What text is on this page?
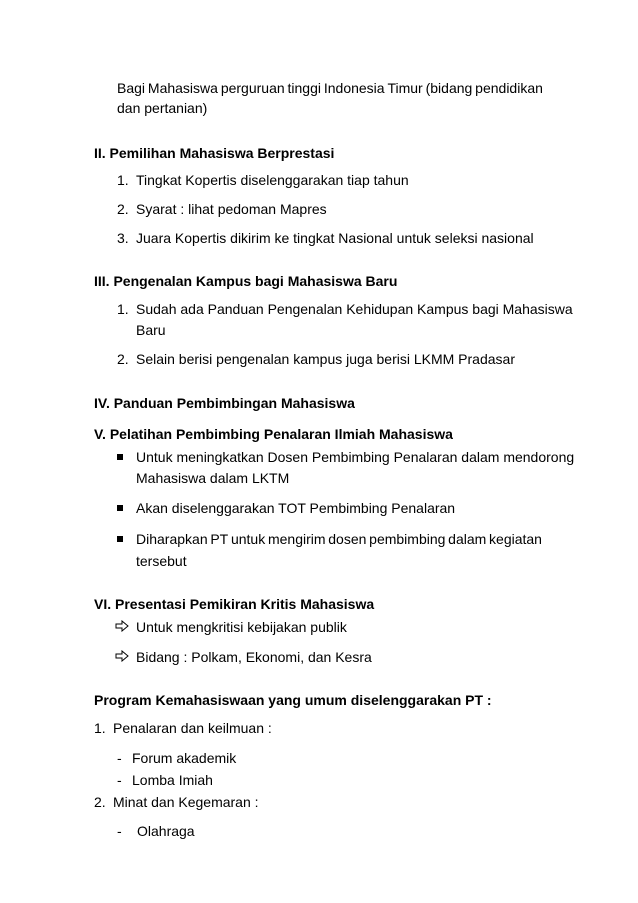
Bagi Mahasiswa perguruan tinggi Indonesia Timur (bidang pendidikan
dan pertanian)
II. Pemilihan Mahasiswa Berprestasi
1. Tingkat Kopertis diselenggarakan tiap tahun
2. Syarat : lihat pedoman Mapres
3. Juara Kopertis dikirim ke tingkat Nasional untuk seleksi nasional
III. Pengenalan Kampus bagi Mahasiswa Baru
1. Sudah ada Panduan Pengenalan Kehidupan Kampus bagi Mahasiswa
Baru
2. Selain berisi pengenalan kampus juga berisi LKMM Pradasar
IV. Panduan Pembimbingan Mahasiswa
V. Pelatihan Pembimbing Penalaran Ilmiah Mahasiswa
Untuk meningkatkan Dosen Pembimbing Penalaran dalam mendorong
Mahasiswa dalam LKTM
Akan diselenggarakan TOT Pembimbing Penalaran
Diharapkan PT untuk mengirim dosen pembimbing dalam kegiatan
tersebut
VI. Presentasi Pemikiran Kritis Mahasiswa
Untuk mengkritisi kebijakan publik
Bidang : Polkam, Ekonomi, dan Kesra
Program Kemahasiswaan yang umum diselenggarakan PT :
1. Penalaran dan keilmuan :
- Forum akademik
- Lomba Imiah
2. Minat dan Kegemaran :
- Olahraga
